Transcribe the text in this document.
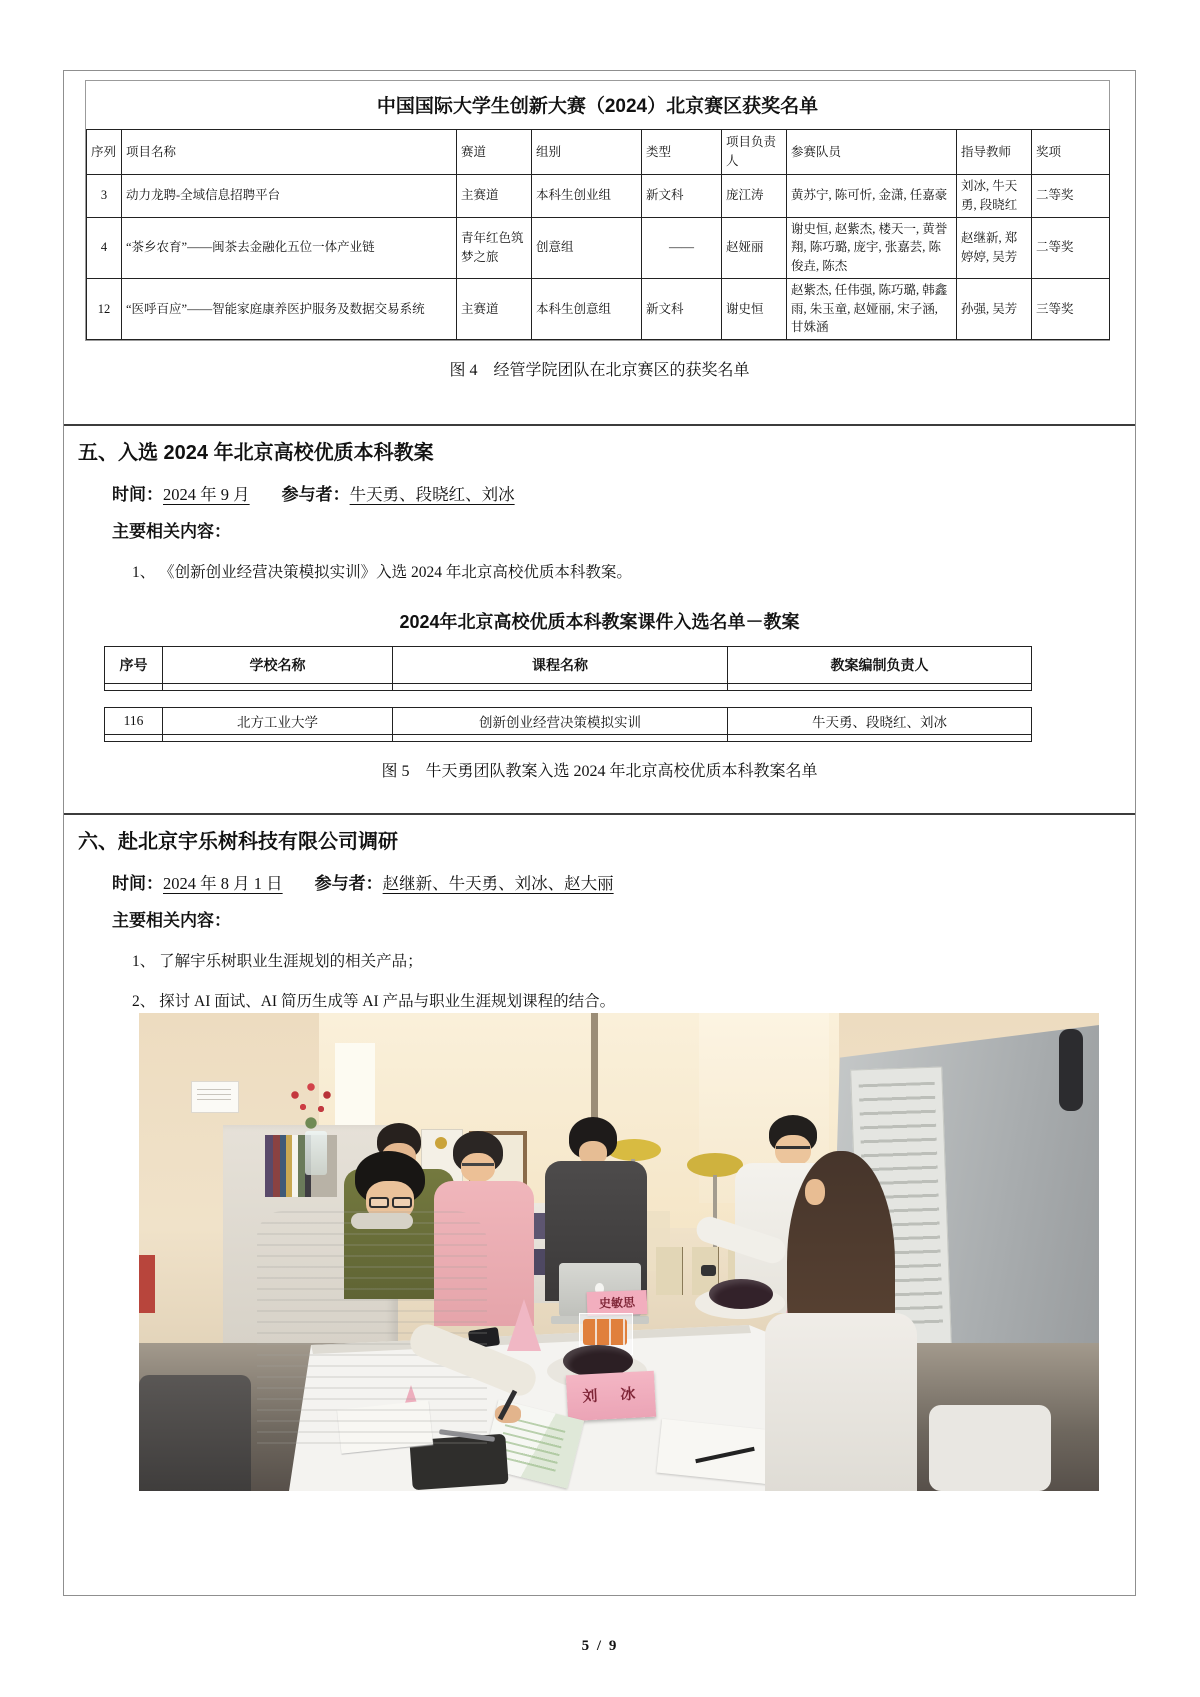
中国国际大学生创新大赛（2024）北京赛区获奖名单
序列	项目名称	赛道	组别	类型	项目负责人	参赛队员	指导教师	奖项
3	动力龙聘-全域信息招聘平台	主赛道	本科生创业组	新文科	庞江涛	黄苏宁, 陈可忻, 金潇, 任嘉豪	刘冰, 牛天勇, 段晓红	二等奖
4	“茶乡农育”——闽茶去金融化五位一体产业链	青年红色筑梦之旅	创意组	——	赵娅丽	谢史恒, 赵紫杰, 楼天一, 黄誉翔, 陈巧璐, 庞宇, 张嘉芸, 陈俊垚, 陈杰	赵继新, 郑婷婷, 吴芳	二等奖
12	“医呼百应”——智能家庭康养医护服务及数据交易系统	主赛道	本科生创意组	新文科	谢史恒	赵紫杰, 任伟强, 陈巧璐, 韩鑫雨, 朱玉童, 赵娅丽, 宋子涵, 甘姝涵	孙强, 吴芳	三等奖
图 4　经管学院团队在北京赛区的获奖名单
五、入选 2024 年北京高校优质本科教案

时间：2024 年 9 月 参与者：牛天勇、段晓红、刘冰

主要相关内容：

1、 《创新创业经营决策模拟实训》入选 2024 年北京高校优质本科教案。

2024年北京高校优质本科教案课件入选名单－教案
序号	学校名称	课程名称	教案编制负责人

116	北方工业大学	创新创业经营决策模拟实训	牛天勇、段晓红、刘冰

图 5　牛天勇团队教案入选 2024 年北京高校优质本科教案名单
六、赴北京宇乐树科技有限公司调研

时间：2024 年 8 月 1 日 参与者：赵继新、牛天勇、刘冰、赵大丽

主要相关内容：

1、 了解宇乐树职业生涯规划的相关产品；

2、 探讨 AI 面试、AI 简历生成等 AI 产品与职业生涯规划课程的结合。

史敏思
刘　冰
5 / 9
